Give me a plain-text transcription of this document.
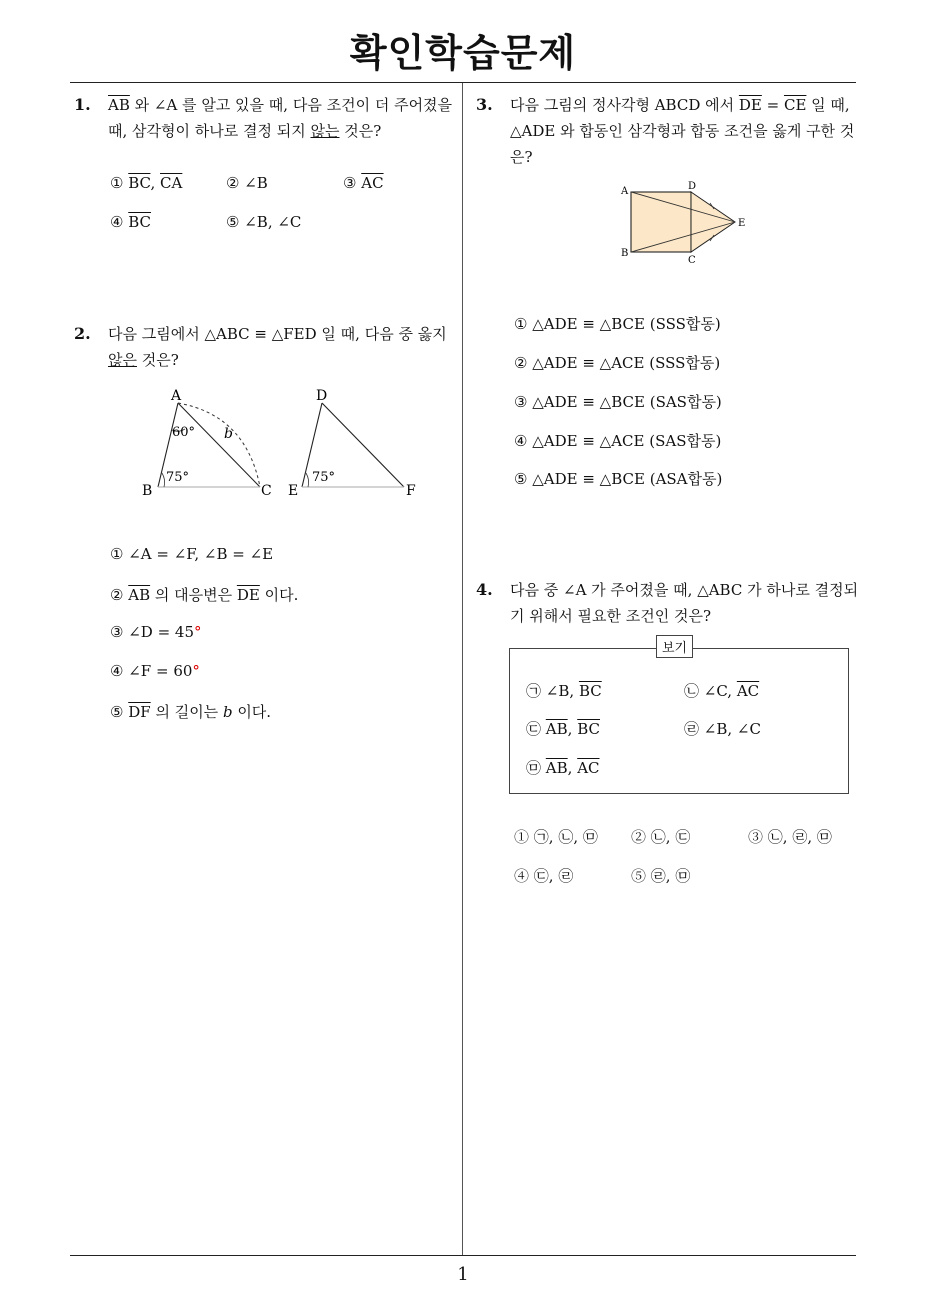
확인학습문제
1
1. $\overline{AB}$ 와 ∠A 를 알고 있을 때, 다음 조건이 더 주어졌을 때, 삼각형이 하나로 결정 되지 않는 것은?
① $\overline{BC}$, $\overline{CA}$	② ∠B	③ $\overline{AC}$
④ $\overline{BC}$	⑤ ∠B, ∠C
2. 다음 그림에서 △ABC ≡ △FED 일 때, 다음 중 옳지 않은 것은?
A
B	C
60°
75°
b
D
E	F
75°
① ∠A = ∠F, ∠B = ∠E
② $\overline{AB}$ 의 대응변은 $\overline{DE}$ 이다.
③ ∠D = 45°
④ ∠F = 60°
⑤ $\overline{DF}$ 의 길이는 b 이다.
3. 다음 그림의 정사각형 ABCD 에서 $\overline{DE} = \overline{CE}$ 일 때, △ADE 와 합동인 삼각형과 합동 조건을 옳게 구한 것은?
A
B
C
D
E
① △ADE ≡ △BCE (SSS합동)
② △ADE ≡ △ACE (SSS합동)
③ △ADE ≡ △BCE (SAS합동)
④ △ADE ≡ △ACE (SAS합동)
⑤ △ADE ≡ △BCE (ASA합동)
4. 다음 중 ∠A 가 주어졌을 때, △ABC 가 하나로 결정되기 위해서 필요한 조건인 것은?
보기
㉠ ∠B, $\overline{BC}$	㉡ ∠C, $\overline{AC}$
㉢ $\overline{AB}$, $\overline{BC}$	㉣ ∠B, ∠C
㉤ $\overline{AB}$, $\overline{AC}$
① ㉠, ㉡, ㉤ ② ㉡, ㉢	③ ㉡, ㉣, ㉤
④ ㉢, ㉣	⑤ ㉣, ㉤
